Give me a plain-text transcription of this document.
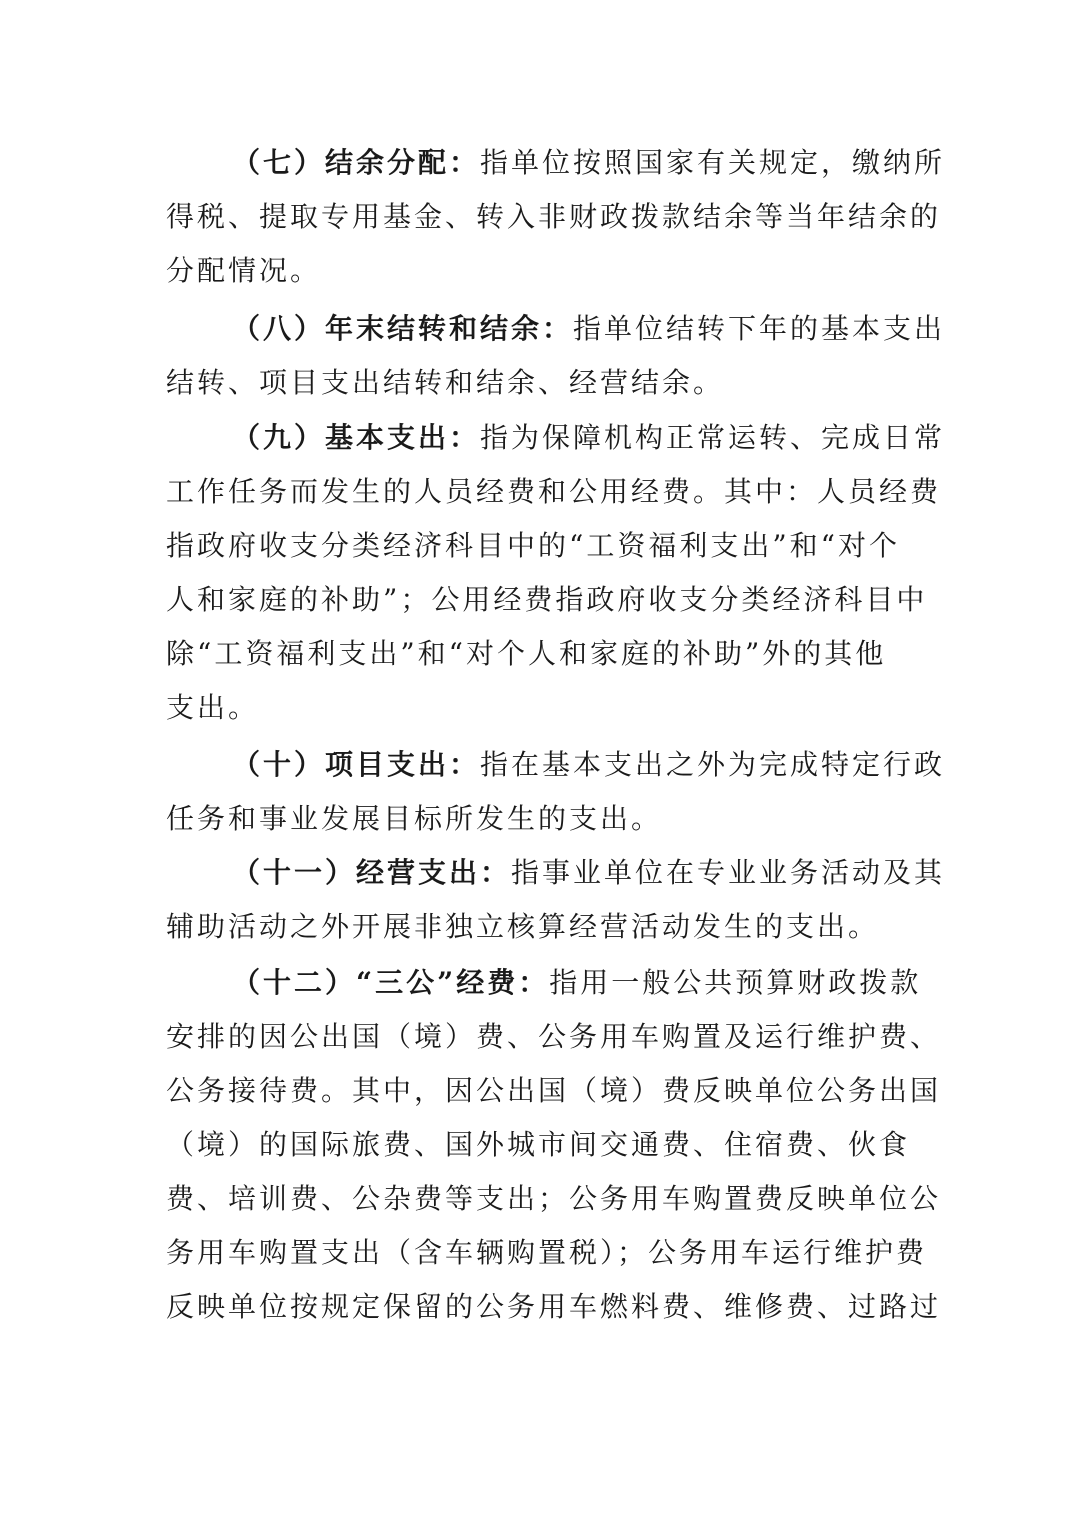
（七）结余分配：指单位按照国家有关规定，缴纳所
得税、提取专用基金、转入非财政拨款结余等当年结余的
分配情况。
（八）年末结转和结余：指单位结转下年的基本支出
结转、项目支出结转和结余、经营结余。
（九）基本支出：指为保障机构正常运转、完成日常
工作任务而发生的人员经费和公用经费。其中：人员经费
指政府收支分类经济科目中的“工资福利支出”和“对个
人和家庭的补助”；公用经费指政府收支分类经济科目中
除“工资福利支出”和“对个人和家庭的补助”外的其他
支出。
（十）项目支出：指在基本支出之外为完成特定行政
任务和事业发展目标所发生的支出。
（十一）经营支出：指事业单位在专业业务活动及其
辅助活动之外开展非独立核算经营活动发生的支出。
（十二）“三公”经费：指用一般公共预算财政拨款
安排的因公出国（境）费、公务用车购置及运行维护费、
公务接待费。其中，因公出国（境）费反映单位公务出国
（境）的国际旅费、国外城市间交通费、住宿费、伙食
费、培训费、公杂费等支出；公务用车购置费反映单位公
务用车购置支出（含车辆购置税）；公务用车运行维护费
反映单位按规定保留的公务用车燃料费、维修费、过路过
